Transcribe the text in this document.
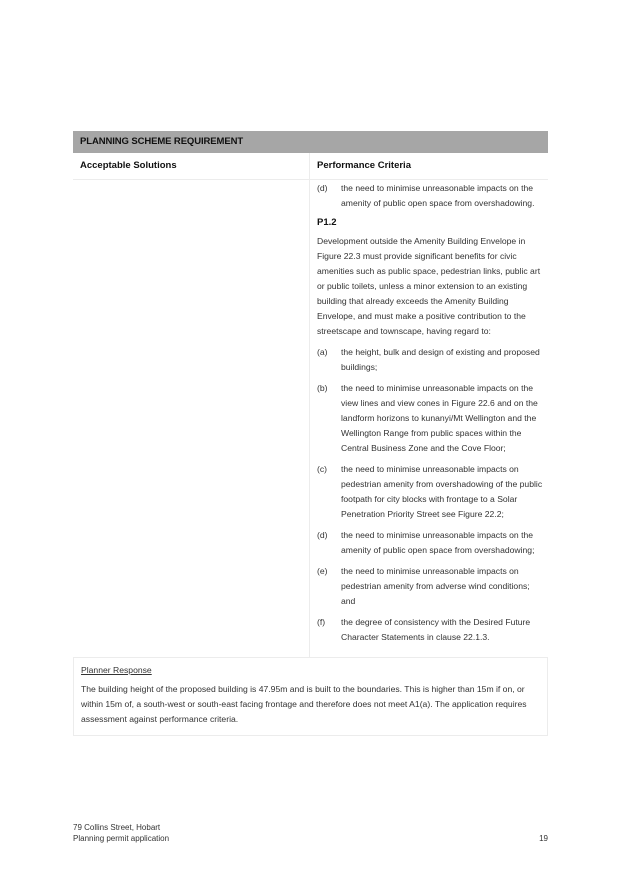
PLANNING SCHEME REQUIREMENT
Acceptable Solutions	Performance Criteria
(d)	the need to minimise unreasonable impacts on the amenity of public open space from overshadowing.
P1.2
Development outside the Amenity Building Envelope in Figure 22.3 must provide significant benefits for civic amenities such as public space, pedestrian links, public art or public toilets, unless a minor extension to an existing building that already exceeds the Amenity Building Envelope, and must make a positive contribution to the streetscape and townscape, having regard to:
(a)	the height, bulk and design of existing and proposed buildings;
(b)	the need to minimise unreasonable impacts on the view lines and view cones in Figure 22.6 and on the landform horizons to kunanyi/Mt Wellington and the Wellington Range from public spaces within the Central Business Zone and the Cove Floor;
(c)	the need to minimise unreasonable impacts on pedestrian amenity from overshadowing of the public footpath for city blocks with frontage to a Solar Penetration Priority Street see Figure 22.2;
(d)	the need to minimise unreasonable impacts on the amenity of public open space from overshadowing;
(e)	the need to minimise unreasonable impacts on pedestrian amenity from adverse wind conditions; and
(f)	the degree of consistency with the Desired Future Character Statements in clause 22.1.3.
Planner Response
The building height of the proposed building is 47.95m and is built to the boundaries. This is higher than 15m if on, or within 15m of, a south-west or south-east facing frontage and therefore does not meet A1(a). The application requires assessment against performance criteria.
79 Collins Street, Hobart
Planning permit application	19
